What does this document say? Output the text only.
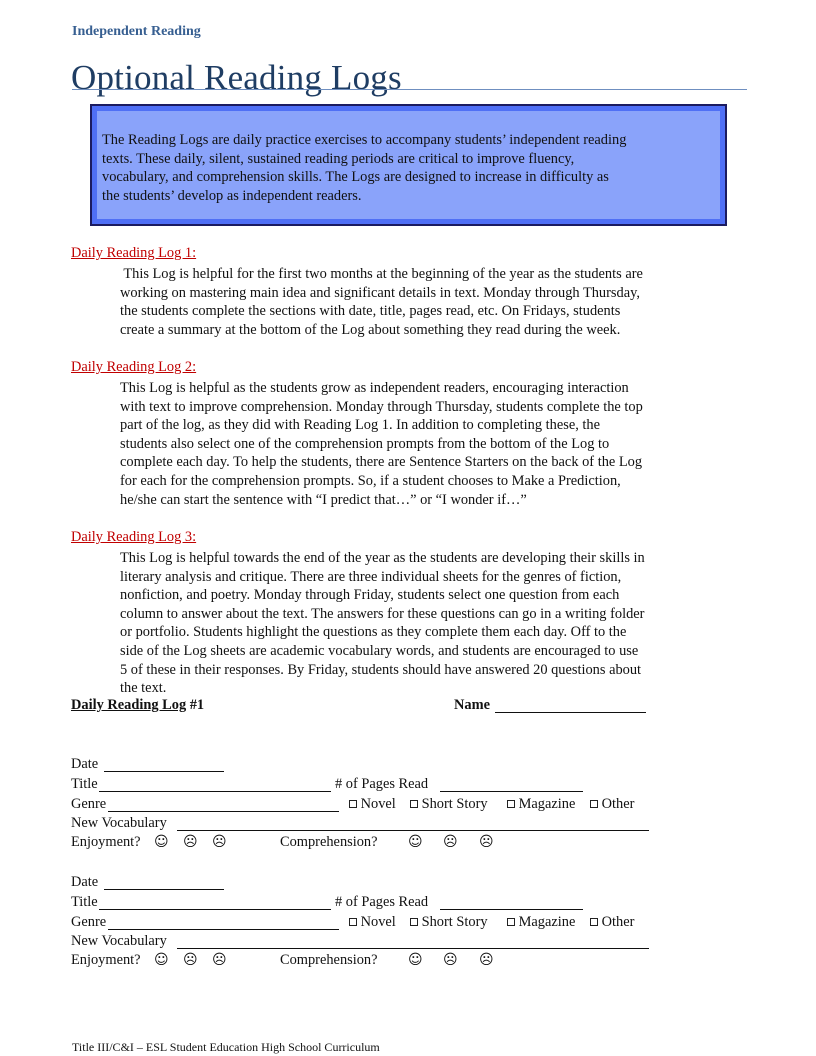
Independent Reading
Optional Reading Logs
The Reading Logs are daily practice exercises to accompany students’ independent reading
texts. These daily, silent, sustained reading periods are critical to improve fluency,
vocabulary, and comprehension skills. The Logs are designed to increase in difficulty as
the students’ develop as independent readers.
Daily Reading Log 1:
This Log is helpful for the first two months at the beginning of the year as the students are
working on mastering main idea and significant details in text. Monday through Thursday,
the students complete the sections with date, title, pages read, etc. On Fridays, students
create a summary at the bottom of the Log about something they read during the week.
Daily Reading Log 2:
This Log is helpful as the students grow as independent readers, encouraging interaction
with text to improve comprehension. Monday through Thursday, students complete the top
part of the log, as they did with Reading Log 1. In addition to completing these, the
students also select one of the comprehension prompts from the bottom of the Log to
complete each day. To help the students, there are Sentence Starters on the back of the Log
for each for the comprehension prompts. So, if a student chooses to Make a Prediction,
he/she can start the sentence with “I predict that…” or “I wonder if…”
Daily Reading Log 3:
This Log is helpful towards the end of the year as the students are developing their skills in
literary analysis and critique. There are three individual sheets for the genres of fiction,
nonfiction, and poetry. Monday through Friday, students select one question from each
column to answer about the text. The answers for these questions can go in a writing folder
or portfolio. Students highlight the questions as they complete them each day. Off to the
side of the Log sheets are academic vocabulary words, and students are encouraged to use
5 of these in their responses. By Friday, students should have answered 20 questions about
the text.
Daily Reading Log #1	Name
Date
Title	# of Pages Read
Genre	Novel	Short Story	Magazine	Other
New Vocabulary
Enjoyment? ☺ ☹ ☹	Comprehension? ☺ ☹ ☹
Date
Title	# of Pages Read
Genre	Novel	Short Story	Magazine	Other
New Vocabulary
Enjoyment? ☺ ☹ ☹	Comprehension? ☺ ☹ ☹
Title III/C&I – ESL Student Education High School Curriculum
